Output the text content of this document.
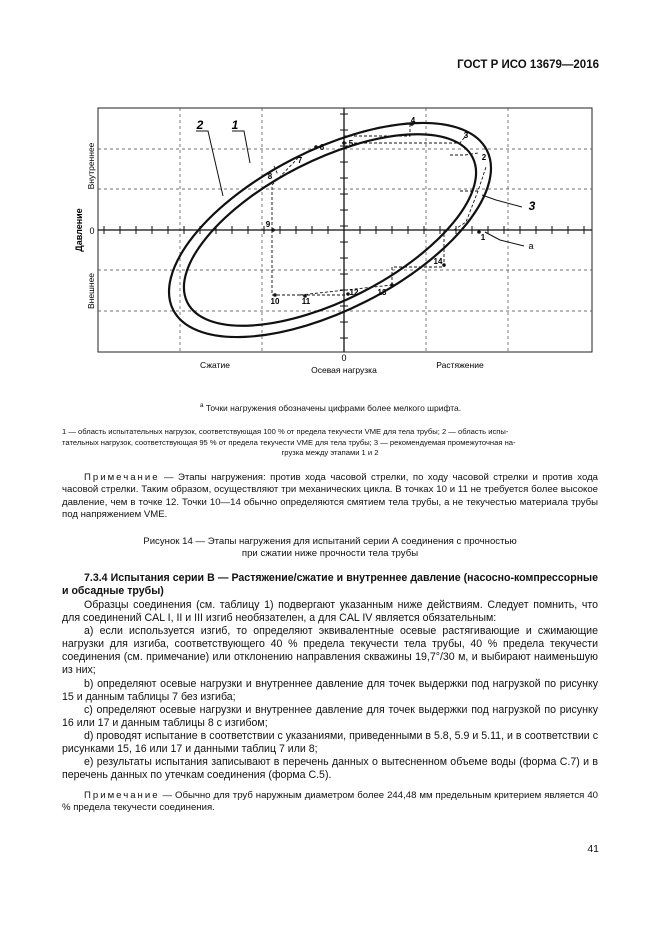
ГОСТ Р ИСО 13679—2016
Давление
Внутреннее
Внешнее
0
0
Осевая нагрузка
Сжатие	Растяжение
2 1
3
a
1
2
3
4
5
6
7
8
9
10	11
12 13
14
$^a$ Точки нагружения обозначены цифрами более мелкого шрифта.
1 — область испытательных нагрузок, соответствующая 100 % от предела текучести VME для тела трубы; 2 — область испы-
тательных нагрузок, соответствующая 95 % от предела текучести VME для тела трубы; 3 — рекомендуемая промежуточная на-
грузка между этапами 1 и 2
Примечание — Этапы нагружения: против хода часовой стрелки, по ходу часовой стрелки и против хода часовой стрелки. Таким образом, осуществляют три механических цикла. В точках 10 и 11 не требуется более высокое давление, чем в точке 12. Точки 10—14 обычно определяются смятием тела трубы, а не текучестью материала трубы под напряжением VME.
Рисунок 14 — Этапы нагружения для испытаний серии А соединения с прочностью
при сжатии ниже прочности тела трубы
7.3.4 Испытания серии В — Растяжение/сжатие и внутреннее давление (насосно-компрессорные и обсадные трубы)

Образцы соединения (см. таблицу 1) подвергают указанным ниже действиям. Следует помнить, что для соединений CAL I, II и III изгиб необязателен, а для CAL IV является обязательным:

a) если используется изгиб, то определяют эквивалентные осевые растягивающие и сжимающие нагрузки для изгиба, соответствующего 40 % предела текучести тела трубы, 40 % предела текучести соединения (см. примечание) или отклонению направления скважины 19,7°/30 м, и выбирают наименьшую из них;

b) определяют осевые нагрузки и внутреннее давление для точек выдержки под нагрузкой по рисунку 15 и данным таблицы 7 без изгиба;

c) определяют осевые нагрузки и внутреннее давление для точек выдержки под нагрузкой по рисунку 16 или 17 и данным таблицы 8 с изгибом;

d) проводят испытание в соответствии с указаниями, приведенными в 5.8, 5.9 и 5.11, и в соответствии с рисунками 15, 16 или 17 и данными таблиц 7 или 8;

e) результаты испытания записывают в перечень данных о вытесненном объеме воды (форма С.7) и в перечень данных по утечкам соединения (форма С.5).

Примечание — Обычно для труб наружным диаметром более 244,48 мм предельным критерием является 40 % предела текучести соединения.
41
